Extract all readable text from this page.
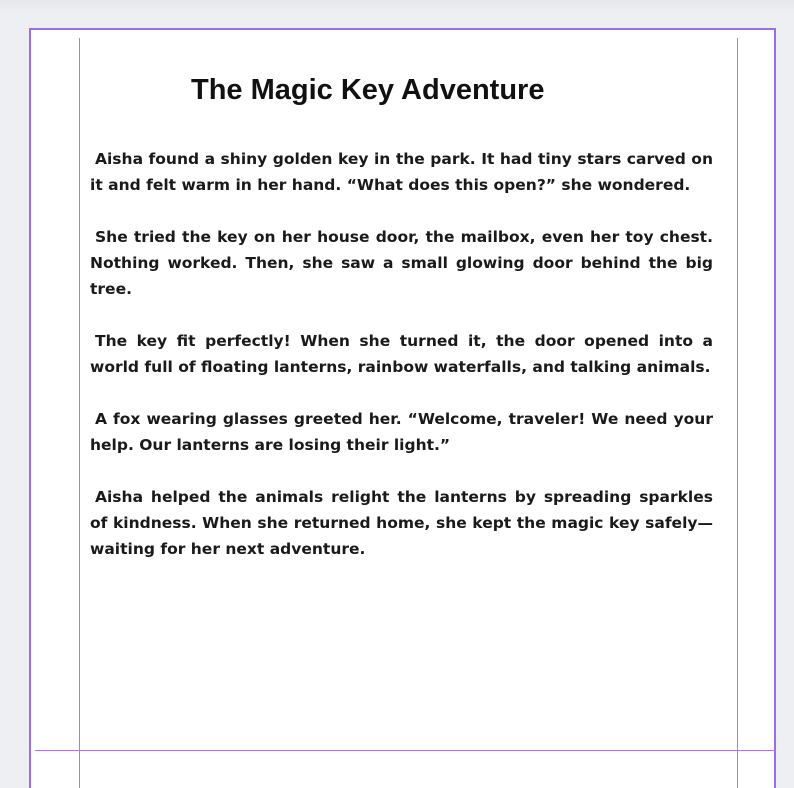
The Magic Key Adventure

Aisha found a shiny golden key in the park. It had tiny stars carved on it and felt warm in her hand. “What does this open?” she wondered.

She tried the key on her house door, the mailbox, even her toy chest. Nothing worked. Then, she saw a small glowing door behind the big tree.

The key fit perfectly! When she turned it, the door opened into a world full of floating lanterns, rainbow waterfalls, and talking animals.

A fox wearing glasses greeted her. “Welcome, traveler! We need your help. Our lanterns are losing their light.”

Aisha helped the animals relight the lanterns by spreading sparkles of kindness. When she returned home, she kept the magic key safely—waiting for her next adventure.
